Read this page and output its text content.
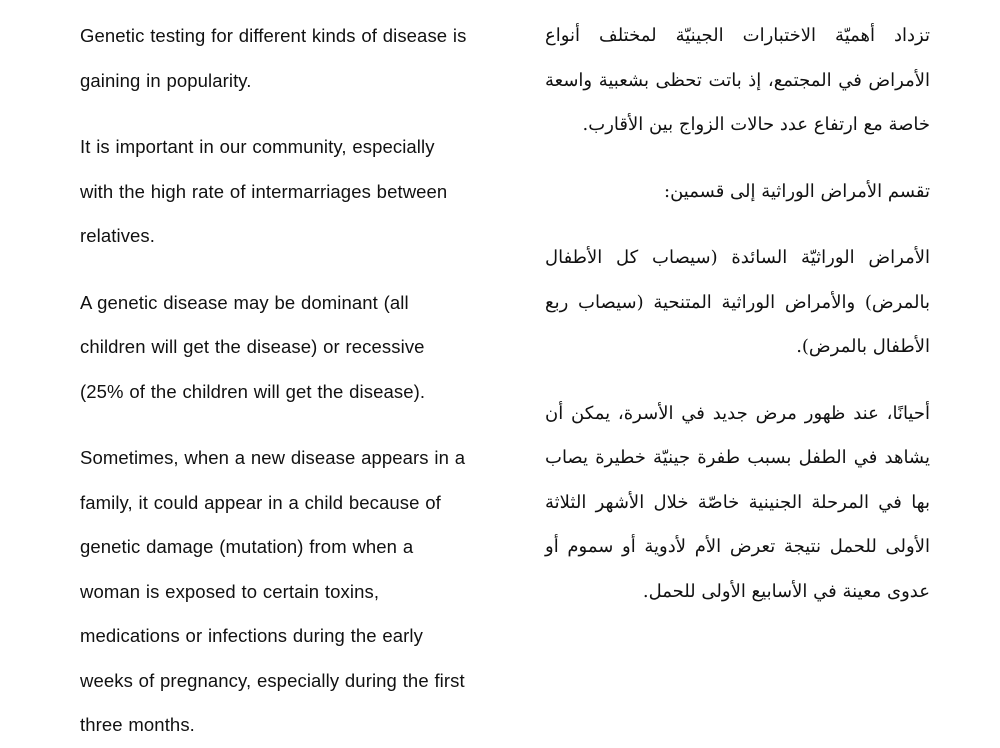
Genetic testing for different kinds of disease is gaining in popularity.

It is important in our community, especially with the high rate of intermarriages between relatives.

A genetic disease may be dominant (all children will get the disease) or recessive (25% of the children will get the disease).

Sometimes, when a new disease appears in a family, it could appear in a child because of genetic damage (mutation) from when a woman is exposed to certain toxins, medications or infections during the early weeks of pregnancy, especially during the first three months.

تزداد أهميّة الاختبارات الجينيّة لمختلف أنواع الأمراض في المجتمع، إذ باتت تحظى بشعبية واسعة خاصة مع ارتفاع عدد حالات الزواج بين الأقارب.

تقسم الأمراض الوراثية إلى قسمين:

الأمراض الوراثيّة السائدة (سيصاب كل الأطفال بالمرض) والأمراض الوراثية المتنحية (سيصاب ربع الأطفال بالمرض).

أحيانًا، عند ظهور مرض جديد في الأسرة، يمكن أن يشاهد في الطفل بسبب طفرة جينيّة خطيرة يصاب بها في المرحلة الجنينية خاصّة خلال الأشهر الثلاثة الأولى للحمل نتيجة تعرض الأم لأدوية أو سموم أو عدوى معينة في الأسابيع الأولى للحمل.
